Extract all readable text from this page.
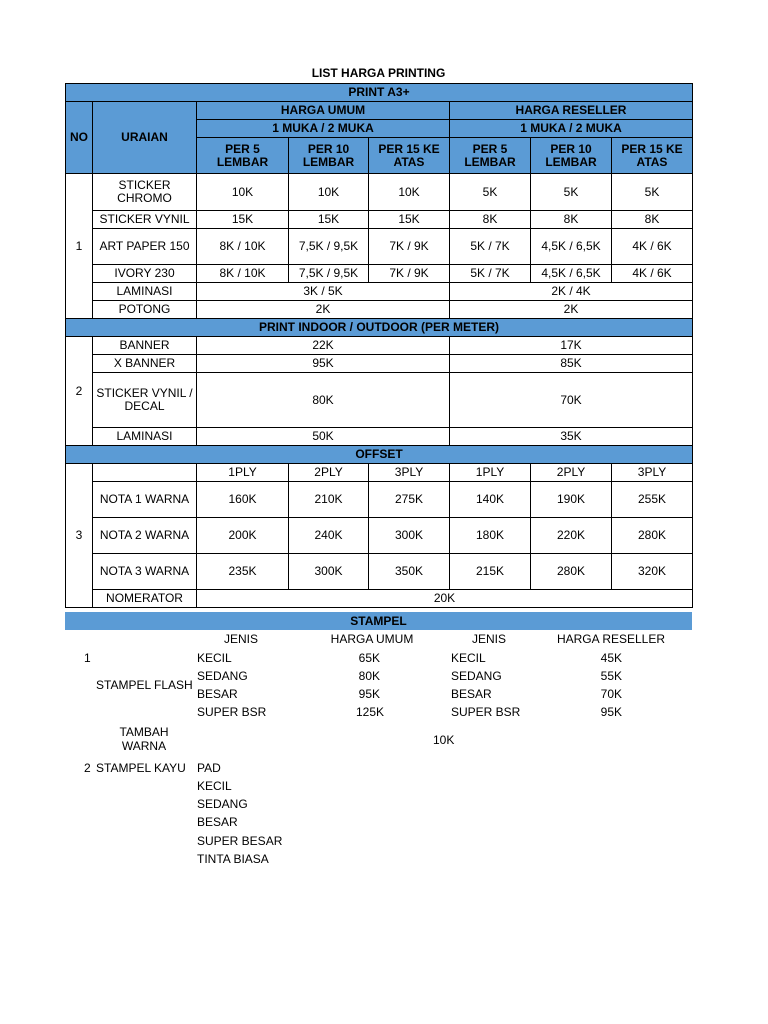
LIST HARGA PRINTING
PRINT A3+							
NO	URAIAN	HARGA UMUM			HARGA RESELLER		
		1 MUKA / 2 MUKA			1 MUKA / 2 MUKA		
		PER 5 LEMBAR	PER 10 LEMBAR	PER 15 KE ATAS	PER 5 LEMBAR	PER 10 LEMBAR	PER 15 KE ATAS
1	STICKER CHROMO	10K	10K	10K	5K	5K	5K
	STICKER VYNIL	15K	15K	15K	8K	8K	8K
	ART PAPER 150	8K / 10K	7,5K / 9,5K	7K / 9K	5K / 7K	4,5K / 6,5K	4K / 6K
	IVORY 230	8K / 10K	7,5K / 9,5K	7K / 9K	5K / 7K	4,5K / 6,5K	4K / 6K
	LAMINASI	3K / 5K			2K / 4K		
	POTONG	2K			2K		
PRINT INDOOR / OUTDOOR (PER METER)							
2	BANNER	22K			17K		
	X BANNER	95K			85K		
	STICKER VYNIL / DECAL	80K			70K		
	LAMINASI	50K			35K		
OFFSET							
3		1PLY	2PLY	3PLY	1PLY	2PLY	3PLY
	NOTA 1 WARNA	160K	210K	275K	140K	190K	255K
	NOTA 2 WARNA	200K	240K	300K	180K	220K	280K
	NOTA 3 WARNA	235K	300K	350K	215K	280K	320K
	NOMERATOR	20K					
STAMPEL
JENIS	HARGA UMUM	JENIS	HARGA RESELLER
1
STAMPEL FLASH
KECIL	65K	KECIL	45K
SEDANG	80K	SEDANG	55K
BESAR	95K	BESAR	70K
SUPER BSR	125K	SUPER BSR	95K
TAMBAH
WARNA	10K
2 STAMPEL KAYU PAD
KECIL
SEDANG
BESAR
SUPER BESAR
TINTA BIASA
